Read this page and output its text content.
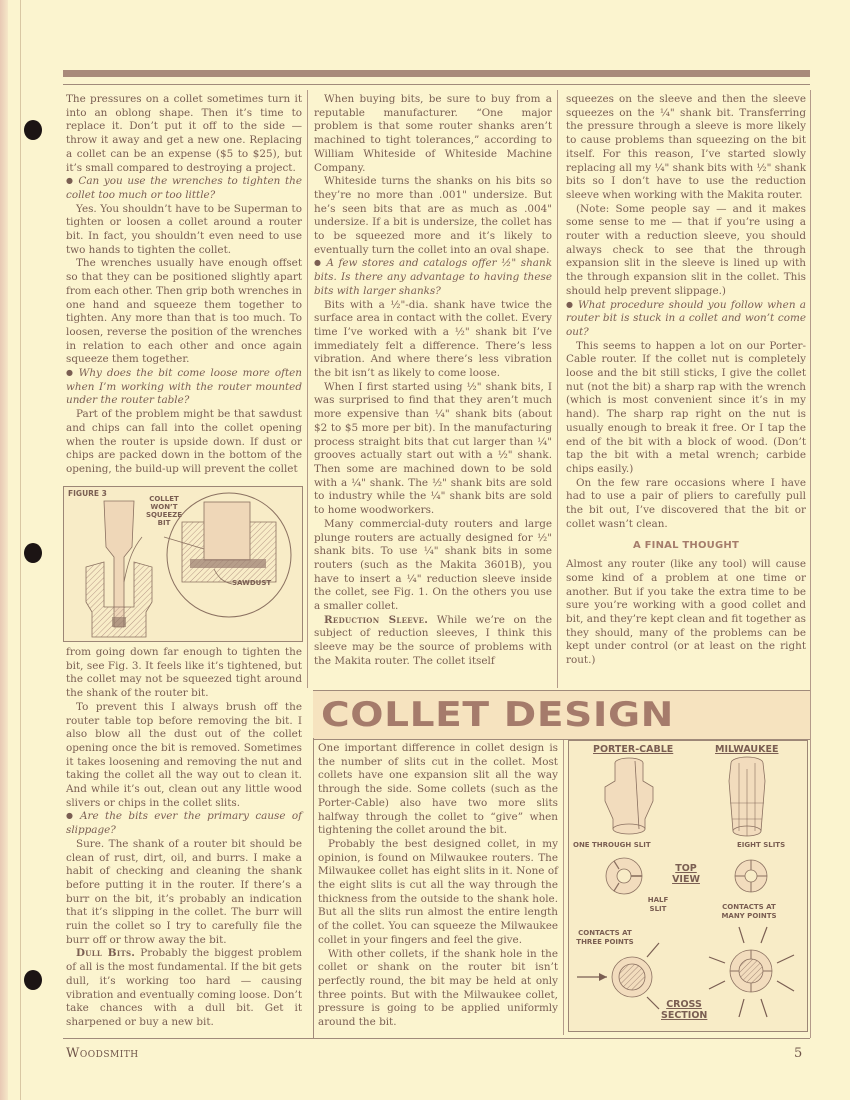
The pressures on a collet sometimes turn it into an oblong shape. Then it’s time to replace it. Don’t put it off to the side — throw it away and get a new one. Replacing a collet can be an expense ($5 to $25), but it’s small compared to destroying a project.

● Can you use the wrenches to tighten the collet too much or too little?

Yes. You shouldn’t have to be Superman to tighten or loosen a collet around a router bit. In fact, you shouldn’t even need to use two hands to tighten the collet.

The wrenches usually have enough offset so that they can be positioned slightly apart from each other. Then grip both wrenches in one hand and squeeze them together to tighten. Any more than that is too much. To loosen, reverse the position of the wrenches in relation to each other and once again squeeze them together.

● Why does the bit come loose more often when I’m working with the router mounted under the router table?

Part of the problem might be that sawdust and chips can fall into the collet opening when the router is upside down. If dust or chips are packed down in the bottom of the opening, the build-up will prevent the collet

FIGURE 3
COLLET WON’T SQUEEZE BIT
SAWDUST

from going down far enough to tighten the bit, see Fig. 3. It feels like it’s tightened, but the collet may not be squeezed tight around the shank of the router bit.

To prevent this I always brush off the router table top before removing the bit. I also blow all the dust out of the collet opening once the bit is removed. Sometimes it takes loosening and removing the nut and taking the collet all the way out to clean it. And while it’s out, clean out any little wood slivers or chips in the collet slits.

● Are the bits ever the primary cause of slippage?

Sure. The shank of a router bit should be clean of rust, dirt, oil, and burrs. I make a habit of checking and cleaning the shank before putting it in the router. If there’s a burr on the bit, it’s probably an indication that it’s slipping in the collet. The burr will ruin the collet so I try to carefully file the burr off or throw away the bit.

Dull Bits. Probably the biggest problem of all is the most fundamental. If the bit gets dull, it’s working too hard — causing vibration and eventually coming loose. Don’t take chances with a dull bit. Get it sharpened or buy a new bit.

When buying bits, be sure to buy from a reputable manufacturer. “One major problem is that some router shanks aren’t machined to tight tolerances,” according to William Whiteside of Whiteside Machine Company.

Whiteside turns the shanks on his bits so they’re no more than .001" undersize. But he’s seen bits that are as much as .004" undersize. If a bit is undersize, the collet has to be squeezed more and it’s likely to eventually turn the collet into an oval shape.

● A few stores and catalogs offer ½" shank bits. Is there any advantage to having these bits with larger shanks?

Bits with a ½"-dia. shank have twice the surface area in contact with the collet. Every time I’ve worked with a ½" shank bit I’ve immediately felt a difference. There’s less vibration. And where there’s less vibration the bit isn’t as likely to come loose.

When I first started using ½" shank bits, I was surprised to find that they aren’t much more expensive than ¼" shank bits (about $2 to $5 more per bit). In the manufacturing process straight bits that cut larger than ¼" grooves actually start out with a ½" shank. Then some are machined down to be sold with a ¼" shank. The ½" shank bits are sold to industry while the ¼" shank bits are sold to home woodworkers.

Many commercial-duty routers and large plunge routers are actually designed for ½" shank bits. To use ¼" shank bits in some routers (such as the Makita 3601B), you have to insert a ¼" reduction sleeve inside the collet, see Fig. 1. On the others you use a smaller collet.

Reduction Sleeve. While we’re on the subject of reduction sleeves, I think this sleeve may be the source of problems with the Makita router. The collet itself

squeezes on the sleeve and then the sleeve squeezes on the ¼" shank bit. Transferring the pressure through a sleeve is more likely to cause problems than squeezing on the bit itself. For this reason, I’ve started slowly replacing all my ¼" shank bits with ½" shank bits so I don’t have to use the reduction sleeve when working with the Makita router.

(Note: Some people say — and it makes some sense to me — that if you’re using a router with a reduction sleeve, you should always check to see that the through expansion slit in the sleeve is lined up with the through expansion slit in the collet. This should help prevent slippage.)

● What procedure should you follow when a router bit is stuck in a collet and won’t come out?

This seems to happen a lot on our Porter-Cable router. If the collet nut is completely loose and the bit still sticks, I give the collet nut (not the bit) a sharp rap with the wrench (which is most convenient since it’s in my hand). The sharp rap right on the nut is usually enough to break it free. Or I tap the end of the bit with a block of wood. (Don’t tap the bit with a metal wrench; carbide chips easily.)

On the few rare occasions where I have had to use a pair of pliers to carefully pull the bit out, I’ve discovered that the bit or collet wasn’t clean.

A FINAL THOUGHT

Almost any router (like any tool) will cause some kind of a problem at one time or another. But if you take the extra time to be sure you’re working with a good collet and bit, and they’re kept clean and fit together as they should, many of the problems can be kept under control (or at least on the right rout.)

COLLET DESIGN

One important difference in collet design is the number of slits cut in the collet. Most collets have one expansion slit all the way through the side. Some collets (such as the Porter-Cable) also have two more slits halfway through the collet to “give” when tightening the collet around the bit.

Probably the best designed collet, in my opinion, is found on Milwaukee routers. The Milwaukee collet has eight slits in it. None of the eight slits is cut all the way through the thickness from the outside to the shank hole. But all the slits run almost the entire length of the collet. You can squeeze the Milwaukee collet in your fingers and feel the give.

With other collets, if the shank hole in the collet or shank on the router bit isn’t perfectly round, the bit may be held at only three points. But with the Milwaukee collet, pressure is going to be applied uniformly around the bit.

PORTER-CABLE	MILWAUKEE
ONE THROUGH SLIT	EIGHT SLITS
TOP VIEW
HALF SLIT	CONTACTS AT MANY POINTS
CONTACTS AT THREE POINTS
CROSS SECTION
Woodsmith	5
